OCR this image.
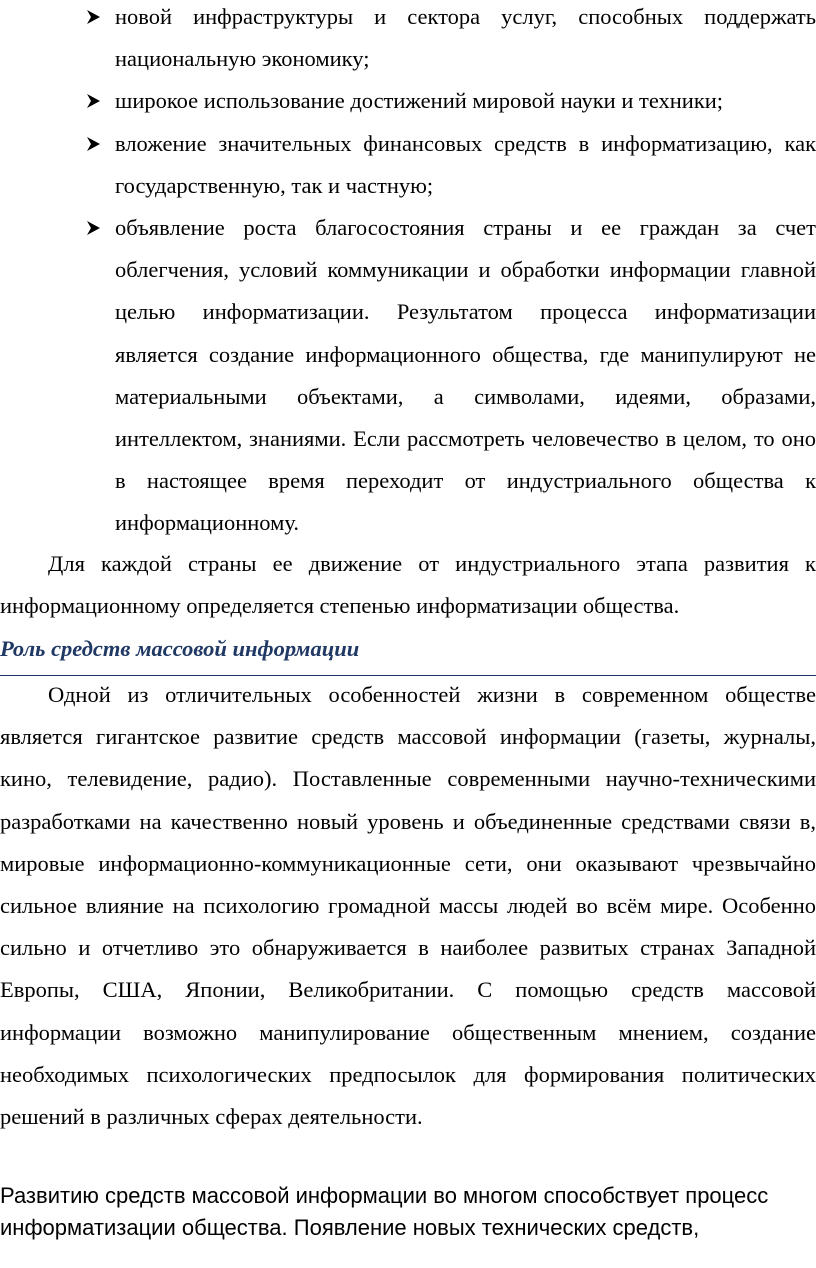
новой инфраструктуры и сектора услуг, способных поддержать национальную экономику;
широкое использование достижений мировой науки и техники;
вложение значительных финансовых средств в информатизацию, как государственную, так и частную;
объявление роста благосостояния страны и ее граждан за счет облегчения, условий коммуникации и обработки информации главной целью информатизации. Результатом процесса информатизации является создание информационного общества, где манипулируют не материальными объектами, а символами, идеями, образами, интеллектом, знаниями. Если рассмотреть человечество в целом, то оно в настоящее время переходит от индустриального общества к информационному.

Для каждой страны ее движение от индустриального этапа развития к информационному определяется степенью информатизации общества.

Роль средств массовой информации

Одной из отличительных особенностей жизни в современном обществе является гигантское развитие средств массовой информации (газеты, журналы, кино, телевидение, радио). Поставленные современными научно-техническими разработками на качественно новый уровень и объединенные средствами связи в, мировые информационно-коммуникационные сети, они оказывают чрезвычайно сильное влияние на психологию громадной массы людей во всём мире. Особенно сильно и отчетливо это обнаруживается в наиболее развитых странах Западной Европы, США, Японии, Великобритании. С помощью средств массовой информации возможно манипулирование общественным мнением, создание необходимых психологических предпосылок для формирования политических решений в различных сферах деятельности.

Развитию средств массовой информации во многом способствует процесс информатизации общества. Появление новых технических средств,
